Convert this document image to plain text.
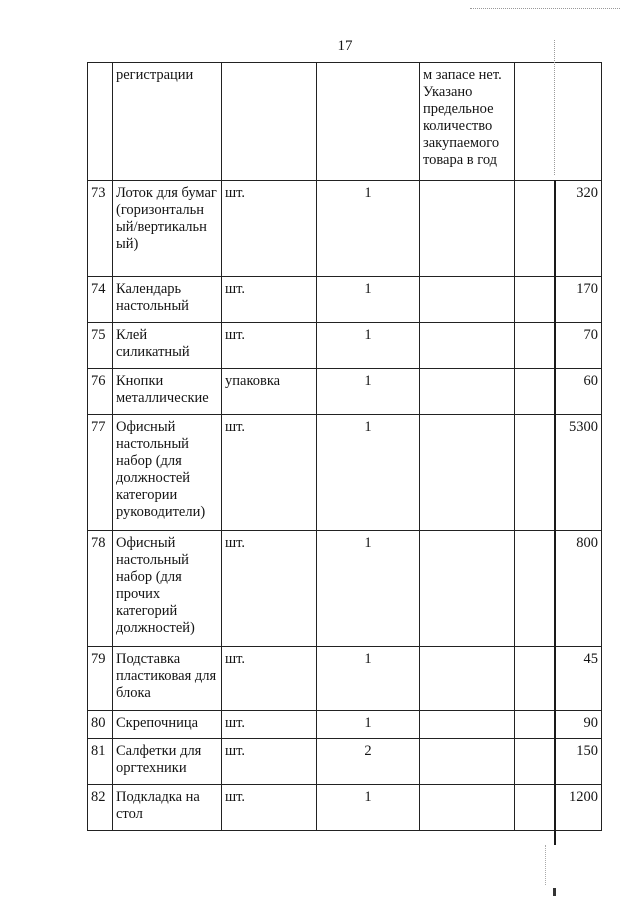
17
	регистрации			м запасе нет. Указано предельное количество закупаемого товара в год	
73	Лоток для бумаг (горизонтальн ый/вертикальн ый)	шт.	1		320
74	Календарь настольный	шт.	1		170
75	Клей силикатный	шт.	1		70
76	Кнопки металлические	упаковка	1		60
77	Офисный настольный набор (для должностей категории руководители)	шт.	1		5300
78	Офисный настольный набор (для прочих категорий должностей)	шт.	1		800
79	Подставка пластиковая для блока	шт.	1		45
80	Скрепочница	шт.	1		90
81	Салфетки для оргтехники	шт.	2		150
82	Подкладка на стол	шт.	1		1200
